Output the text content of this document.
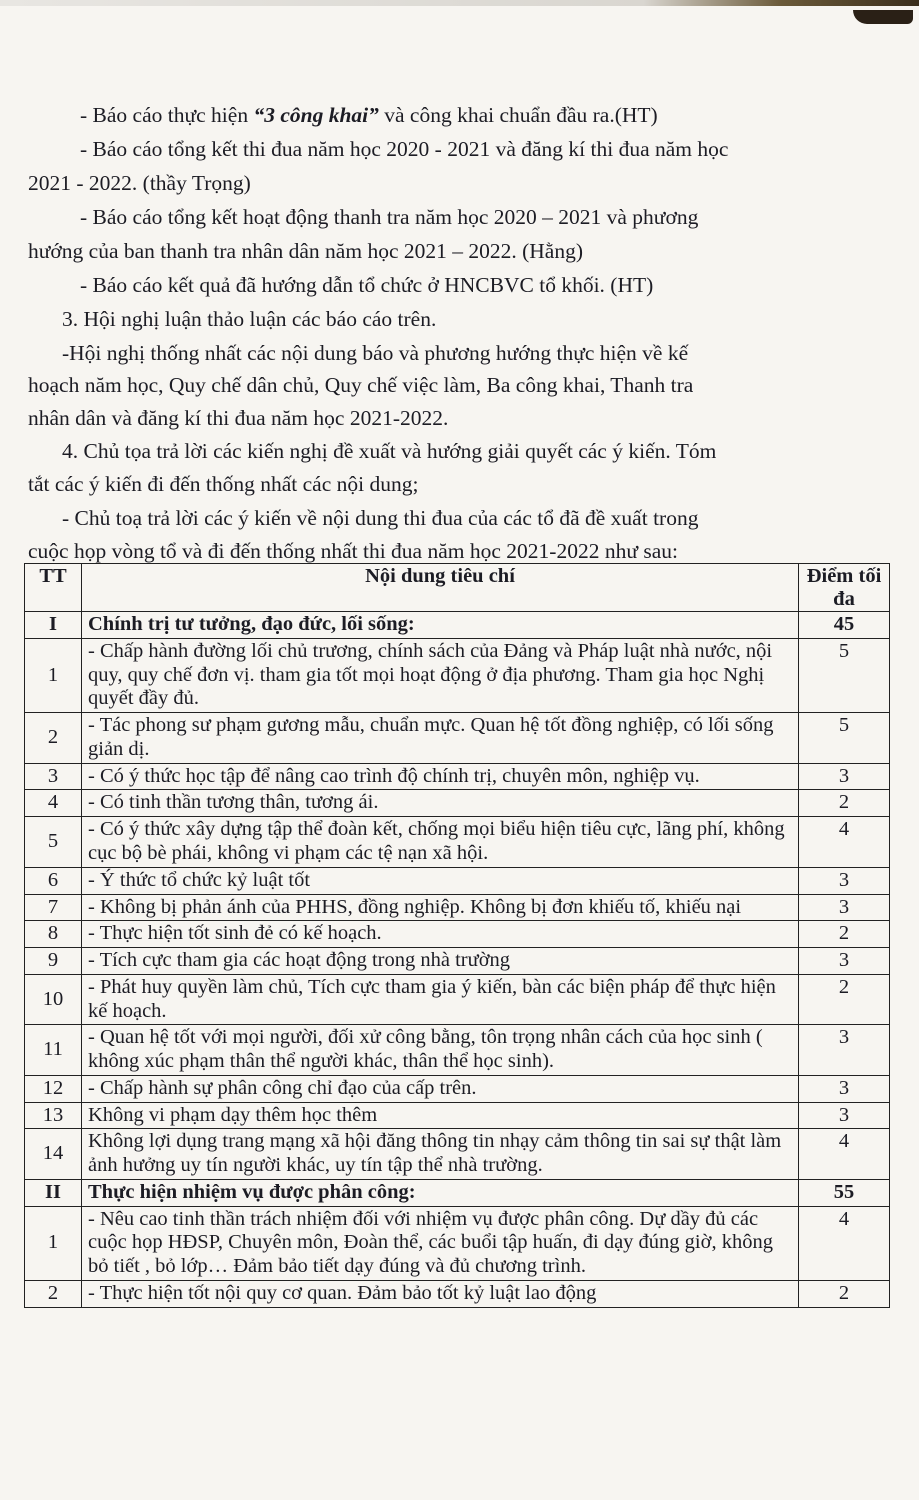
- Báo cáo thực hiện “3 công khai” và công khai chuẩn đầu ra.(HT)
- Báo cáo tổng kết thi đua năm học 2020 - 2021 và đăng kí thi đua năm học
2021 - 2022. (thầy Trọng)
- Báo cáo tổng kết hoạt động thanh tra năm học 2020 – 2021 và phương
hướng của ban thanh tra nhân dân năm học 2021 – 2022. (Hằng)
- Báo cáo kết quả đã hướng dẫn tổ chức ở HNCBVC tổ khối. (HT)
3. Hội nghị luận thảo luận các báo cáo trên.
-Hội nghị thống nhất các nội dung báo và phương hướng thực hiện về kế
hoạch năm học, Quy chế dân chủ, Quy chế việc làm, Ba công khai, Thanh tra
nhân dân và đăng kí thi đua năm học 2021-2022.
4. Chủ tọa trả lời các kiến nghị đề xuất và hướng giải quyết các ý kiến. Tóm
tắt các ý kiến đi đến thống nhất các nội dung;
- Chủ toạ trả lời các ý kiến về nội dung thi đua của các tổ đã đề xuất trong
cuộc họp vòng tổ và đi đến thống nhất thi đua năm học 2021-2022 như sau:
TT	Nội dung tiêu chí	Điểm tối đa
I	Chính trị tư tưởng, đạo đức, lối sống:	45
1	- Chấp hành đường lối chủ trương, chính sách của Đảng và Pháp luật nhà nước, nội quy, quy chế đơn vị. tham gia tốt mọi hoạt động ở địa phương. Tham gia học Nghị quyết đầy đủ.	5
2	- Tác phong sư phạm gương mẫu, chuẩn mực. Quan hệ tốt đồng nghiệp, có lối sống giản dị.	5
3	- Có ý thức học tập để nâng cao trình độ chính trị, chuyên môn, nghiệp vụ.	3
4	- Có tinh thần tương thân, tương ái.	2
5	- Có ý thức xây dựng tập thể đoàn kết, chống mọi biểu hiện tiêu cực, lãng phí, không cục bộ bè phái, không vi phạm các tệ nạn xã hội.	4
6	- Ý thức tổ chức kỷ luật tốt	3
7	- Không bị phản ánh của PHHS, đồng nghiệp. Không bị đơn khiếu tố, khiếu nại	3
8	- Thực hiện tốt sinh đẻ có kế hoạch.	2
9	- Tích cực tham gia các hoạt động trong nhà trường	3
10	- Phát huy quyền làm chủ, Tích cực tham gia ý kiến, bàn các biện pháp để thực hiện kế hoạch.	2
11	- Quan hệ tốt với mọi người, đối xử công bằng, tôn trọng nhân cách của học sinh ( không xúc phạm thân thể người khác, thân thể học sinh).	3
12	- Chấp hành sự phân công chỉ đạo của cấp trên.	3
13	Không vi phạm dạy thêm học thêm	3
14	Không lợi dụng trang mạng xã hội đăng thông tin nhạy cảm thông tin sai sự thật làm ảnh hưởng uy tín người khác, uy tín tập thể nhà trường.	4
II	Thực hiện nhiệm vụ được phân công:	55
1	- Nêu cao tinh thần trách nhiệm đối với nhiệm vụ được phân công. Dự dầy đủ các cuộc họp HĐSP, Chuyên môn, Đoàn thể, các buổi tập huấn, đi dạy đúng giờ, không bỏ tiết , bỏ lớp… Đảm bảo tiết dạy đúng và đủ chương trình.	4
2	- Thực hiện tốt nội quy cơ quan. Đảm bảo tốt kỷ luật lao động	2
